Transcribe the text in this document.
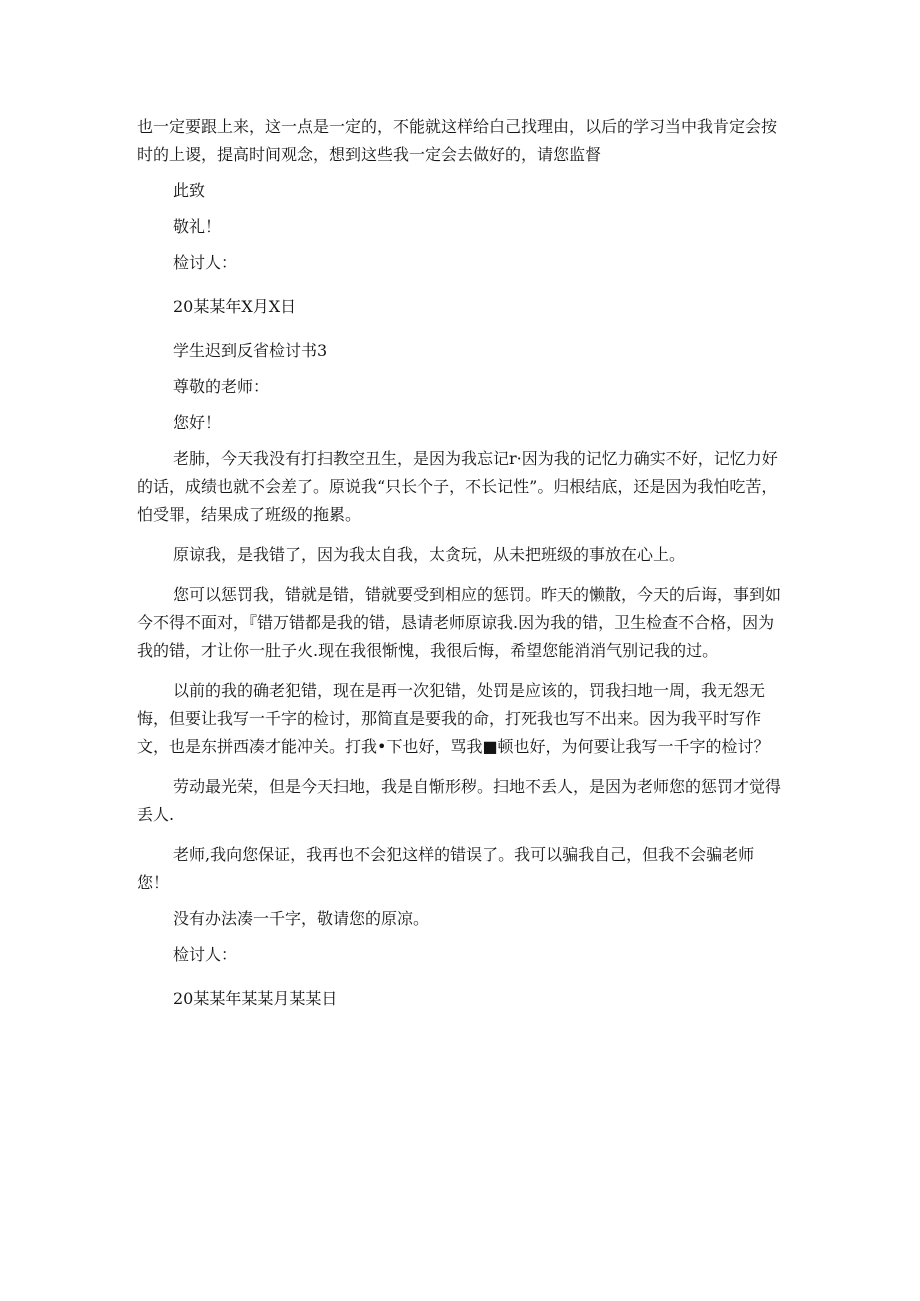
也一定要跟上来，这一点是一定的，不能就这样给白己找理由，以后的学习当中我肯定会按时的上谡，提高时间观念，想到这些我一定会去做好的，请您监督

此致

敬礼！

检讨人：

20某某年X月X日

学生迟到反省检讨书3

尊敬的老师：

您好！

老肺，今天我没有打扫教空丑生，是因为我忘记r·因为我的记忆力确实不好，记忆力好的话，成绩也就不会差了。原说我“只长个子，不长记性”。归根结底，还是因为我怕吃苦，怕受罪，结果成了班级的拖累。

原谅我，是我错了，因为我太自我，太贪玩，从未把班级的事放在心上。

您可以惩罚我，错就是错，错就要受到相应的惩罚。昨天的懒散，今天的后诲，事到如今不得不面对，『错万错都是我的错，恳请老师原谅我.因为我的错，卫生检查不合格，因为我的错，才让你一肚子火.现在我很惭愧，我很后悔，希望您能消消气别记我的过。

以前的我的确老犯错，现在是再一次犯错，处罚是应该的，罚我扫地一周，我无怨无悔，但要让我写一千字的检讨，那简直是要我的命，打死我也写不出来。因为我平时写作文，也是东拼西凑才能冲关。打我•下也好，骂我■顿也好，为何要让我写一千字的检讨？

劳动最光荣，但是今天扫地，我是自惭形秽。扫地不丢人，是因为老师您的惩罚才觉得丢人.

老师,我向您保证，我再也不会犯这样的错误了。我可以骗我自己，但我不会骗老师您！

没有办法凑一千字，敬请您的原凉。

检讨人：

20某某年某某月某某日
